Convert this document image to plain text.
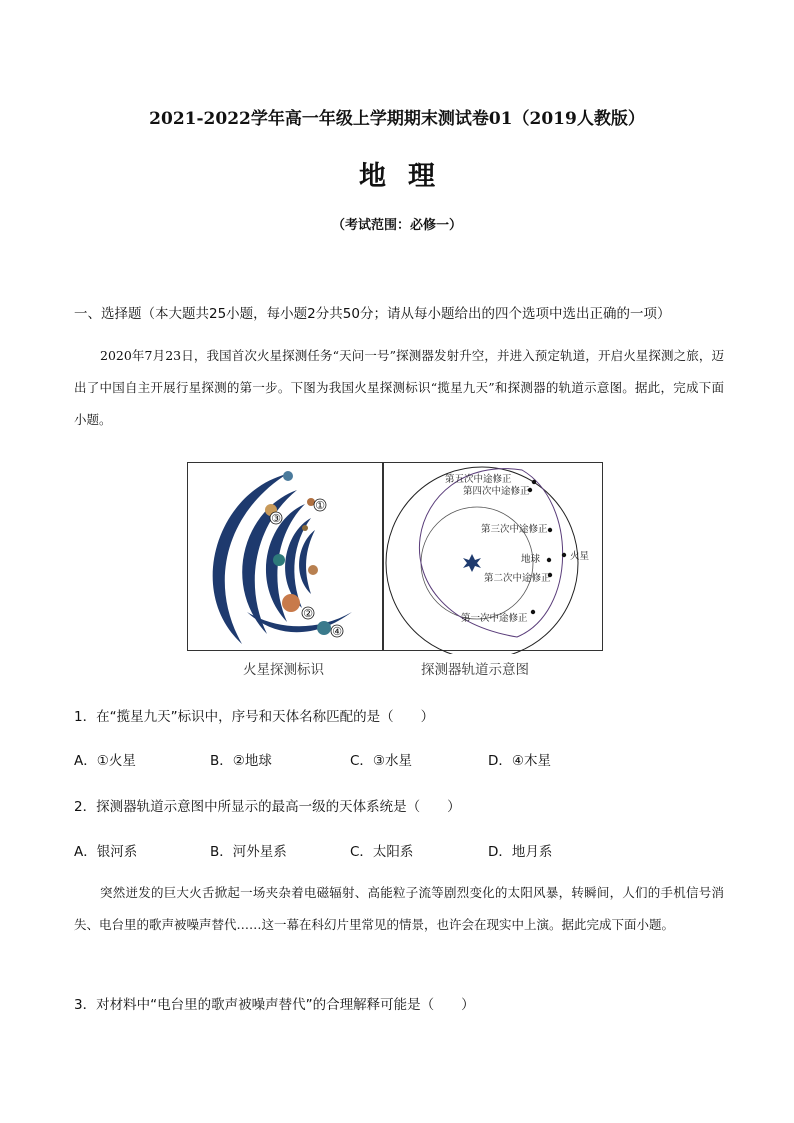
2021-2022学年高一年级上学期期末测试卷01（2019人教版）
地理
（考试范围：必修一）
一、选择题（本大题共25小题，每小题2分共50分；请从每小题给出的四个选项中选出正确的一项）
2020年7月23日，我国首次火星探测任务“天问一号”探测器发射升空，并进入预定轨道，开启火星探测之旅，迈出了中国自主开展行星探测的第一步。下图为我国火星探测标识“揽星九天”和探测器的轨道示意图。据此，完成下面小题。
①
③
②
④
第五次中途修正
第四次中途修正
第三次中途修正
地球	火星
第二次中途修正
第一次中途修正
火星探测标识	探测器轨道示意图
1．在“揽星九天”标识中，序号和天体名称匹配的是（　　）
A．①火星	B．②地球	C．③水星	D．④木星
2．探测器轨道示意图中所显示的最高一级的天体系统是（　　）
A．银河系	B．河外星系	C．太阳系	D．地月系
突然迸发的巨大火舌掀起一场夹杂着电磁辐射、高能粒子流等剧烈变化的太阳风暴，转瞬间，人们的手机信号消失、电台里的歌声被噪声替代……这一幕在科幻片里常见的情景，也许会在现实中上演。据此完成下面小题。
3．对材料中“电台里的歌声被噪声替代”的合理解释可能是（　　）
